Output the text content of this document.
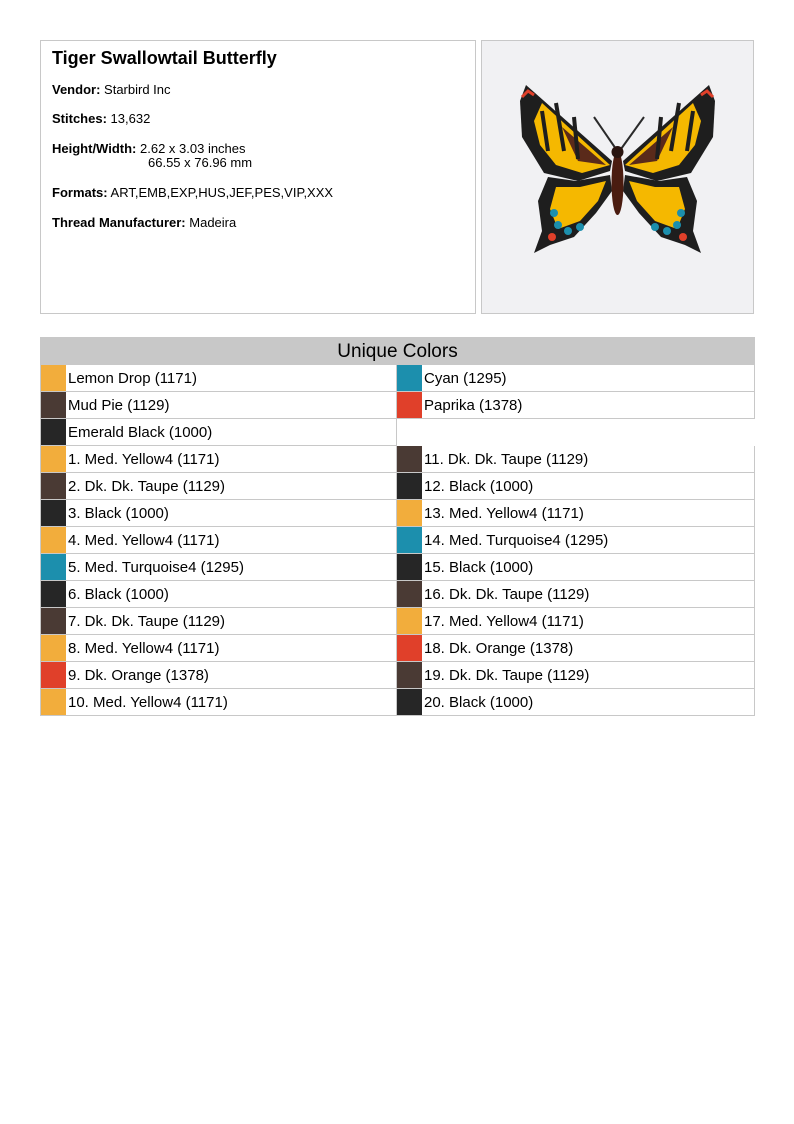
Tiger Swallowtail Butterfly
Vendor: Starbird Inc
Stitches: 13,632
Height/Width: 2.62 x 3.03 inches
66.55 x 76.96 mm
Formats: ART,EMB,EXP,HUS,JEF,PES,VIP,XXX
Thread Manufacturer: Madeira
Unique Colors
Lemon Drop (1171)
Mud Pie (1129)
Emerald Black (1000)
Cyan (1295)
Paprika (1378)
1. Med. Yellow4 (1171)
2. Dk. Dk. Taupe (1129)
3. Black (1000)
4. Med. Yellow4 (1171)
5. Med. Turquoise4 (1295)
6. Black (1000)
7. Dk. Dk. Taupe (1129)
8. Med. Yellow4 (1171)
9. Dk. Orange (1378)
10. Med. Yellow4 (1171)
11. Dk. Dk. Taupe (1129)
12. Black (1000)
13. Med. Yellow4 (1171)
14. Med. Turquoise4 (1295)
15. Black (1000)
16. Dk. Dk. Taupe (1129)
17. Med. Yellow4 (1171)
18. Dk. Orange (1378)
19. Dk. Dk. Taupe (1129)
20. Black (1000)
